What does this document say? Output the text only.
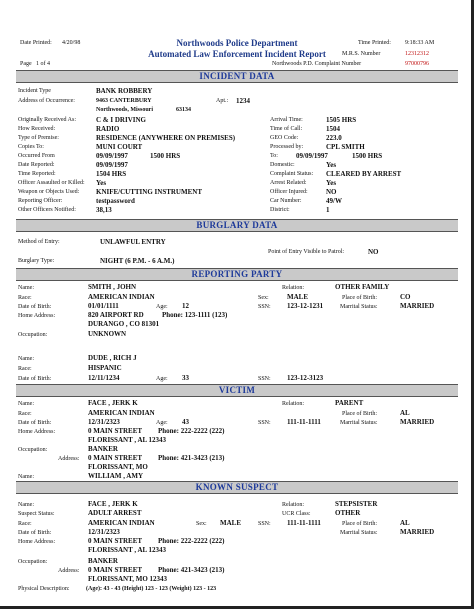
Date Printed: 4/20/98
Page 1 of 4
Northwoods Police Department
Automated Law Enforcement Incident Report
Time Printed: 9:18:33 AM
M.R.S. Number	12312312
Northwoods P.D. Complaint Number	97000796
INCIDENT DATA
Incident Type	BANK ROBBERY
Address of Occurrence:	9463 CANTERBURY	Apt.: 1234
Northwoods, Missouri	63134
Originally Received As:	C & I DRIVING
How Received:	RADIO
Type of Premise:	RESIDENCE (ANYWHERE ON PREMISES)
Copies To:	MUNI COURT
Occurred From	09/09/1997	1500 HRS
Date Reported:	09/09/1997
Time Reported:	1504 HRS
Officer Assaulted or Killed: Yes
Weapon or Objects Used: KNIFE/CUTTING INSTRUMENT
Reporting Officer:	testpassword
Other Officers Notified:	38,13
Arrival Time:	1505 HRS
Time of Call:	1504
GEO Code:	223.0
Processed by:	CPL SMITH
To:	09/09/1997	1500 HRS
Domestic:	Yes
Complaint Status: CLEARED BY ARREST
Arrest Related:	Yes
Officer Injured:	NO
Car Number:	49/W
District:	1
BURGLARY DATA
Method of Entry:	UNLAWFUL ENTRY
Point of Entry Visible to Patrol:	NO
Burglary Type:	NIGHT (6 P.M. - 6 A.M.)
REPORTING PARTY
Name:	SMITH , JOHN	Relation:	OTHER FAMILY
Race:	AMERICAN INDIAN	Sex:	MALE	Place of Birth:	CO
Date of Birth:	01/01/1111	Age: 12	SSN: 123-12-1231	Marrital Status:	MARRIED
Home Address:	820 AIRPORT RD	Phone: 123-1111 (123)
DURANGO , CO 81301
Occupation:	UNKNOWN
Name:	DUDE , RICH J
Race:	HISPANIC
Date of Birth:	12/11/1234	Age: 33	SSN: 123-12-3123
VICTIM
Name:	FACE , JERK K	Relation:	PARENT
Race:	AMERICAN INDIAN	Place of Birth:	AL
Date of Birth:	12/31/2323	Age: 43	SSN: 111-11-1111	Marrital Status:	MARRIED
Home Address:	0 MAIN STREET Phone: 222-2222 (222)
FLORISSANT , AL 12343
Occupation:	BANKER
Address: 0 MAIN STREET Phone: 421-3423 (213)
FLORISSANT, MO
Name:	WILLIAM , AMY
KNOWN SUSPECT
Name:	FACE , JERK K	Relation:	STEPSISTER
Suspect Status:	ADULT ARREST	UCR Class:	OTHER
Race:	AMERICAN INDIAN	Sex: MALE	SSN: 111-11-1111	Place of Birth:	AL
Date of Birth:	12/31/2323	Marrital Status:	MARRIED
Home Address:	0 MAIN STREET Phone: 222-2222 (222)
FLORISSANT , AL 12343
Occupation:	BANKER
Address: 0 MAIN STREET Phone: 421-3423 (213)
FLORISSANT, MO 12343
Physical Description:	(Age): 43 - 43 (Height) 123 - 123 (Weight) 123 - 123
